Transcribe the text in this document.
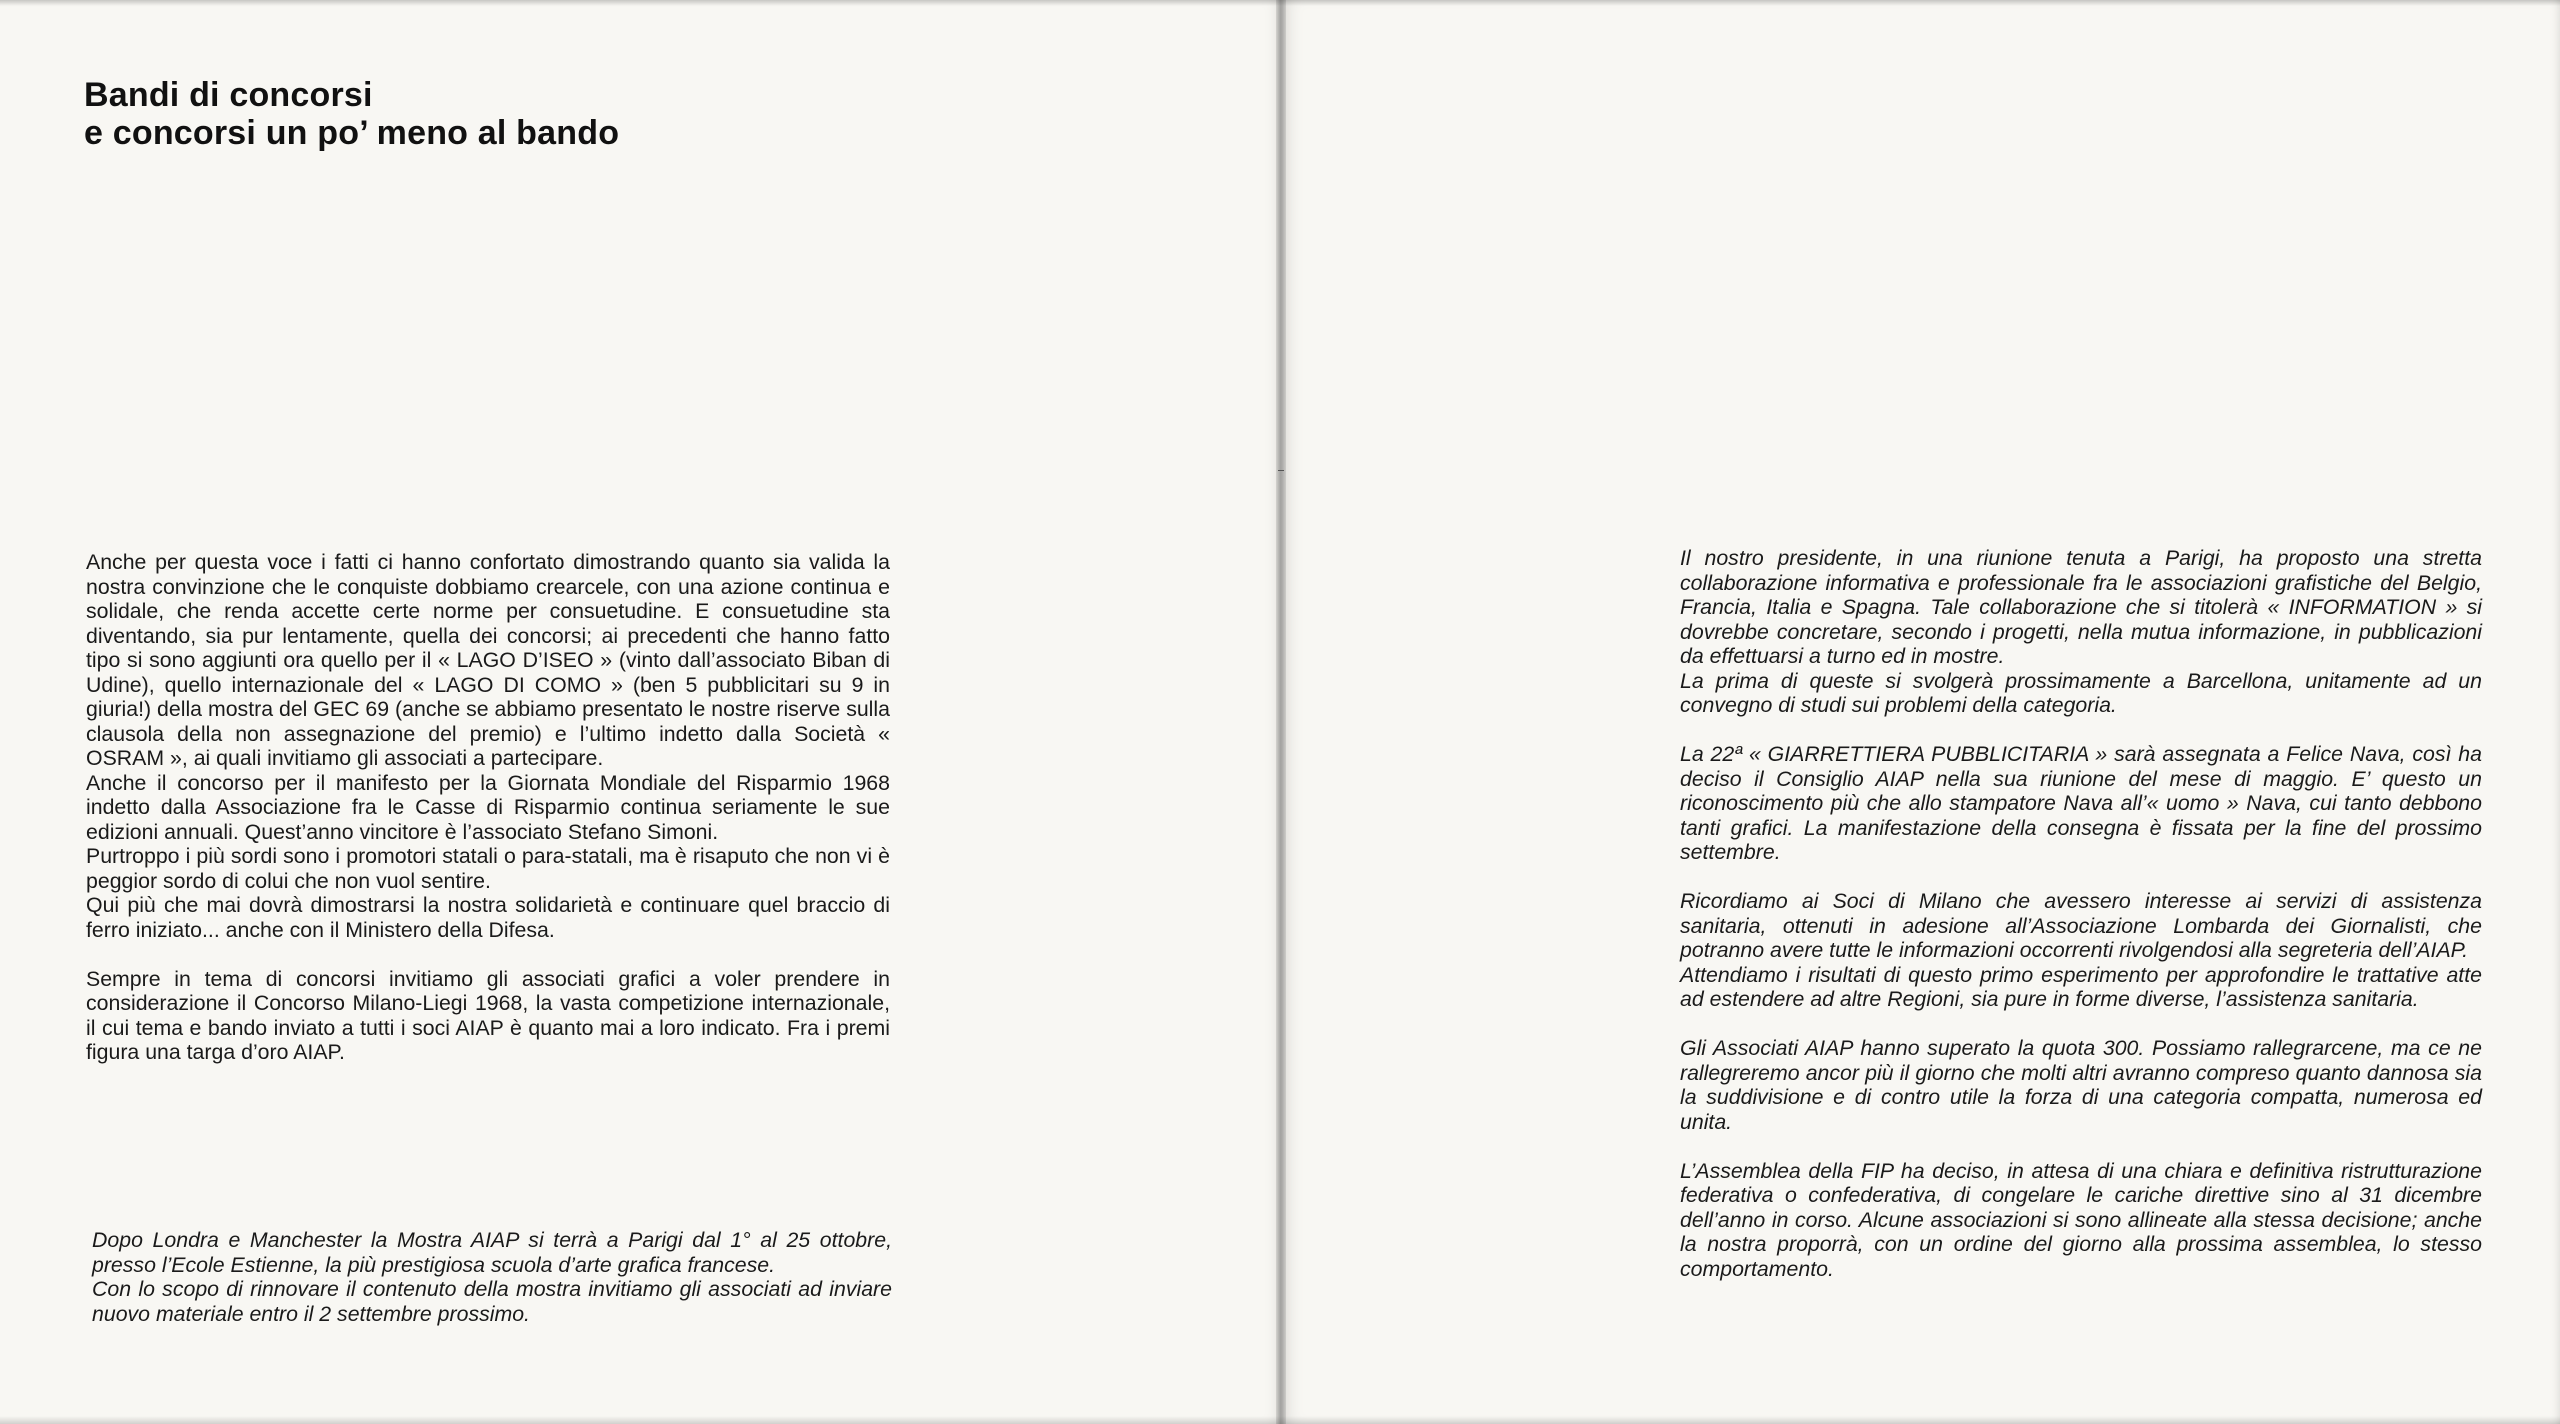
Bandi di concorsi
e concorsi un po’ meno al bando

Anche per questa voce i fatti ci hanno confortato dimostrando quanto sia valida la nostra convinzione che le conquiste dobbiamo crearcele, con una azione continua e solidale, che renda accette certe norme per consuetudine. E consuetudine sta diventando, sia pur lentamente, quella dei concorsi; ai precedenti che hanno fatto tipo si sono aggiunti ora quello per il « LAGO D’ISEO » (vinto dall’associato Biban di Udine), quello internazionale del « LAGO DI COMO » (ben 5 pubblicitari su 9 in giuria!) della mostra del GEC 69 (anche se abbiamo presentato le nostre riserve sulla clausola della non assegnazione del premio) e l’ultimo indetto dalla Società « OSRAM », ai quali invitiamo gli associati a partecipare.
Anche il concorso per il manifesto per la Giornata Mondiale del Risparmio 1968 indetto dalla Associazione fra le Casse di Risparmio continua seriamente le sue edizioni annuali. Quest’anno vincitore è l’associato Stefano Simoni.
Purtroppo i più sordi sono i promotori statali o para-statali, ma è risaputo che non vi è peggior sordo di colui che non vuol sentire.
Qui più che mai dovrà dimostrarsi la nostra solidarietà e continuare quel braccio di ferro iniziato... anche con il Ministero della Difesa.

Sempre in tema di concorsi invitiamo gli associati grafici a voler prendere in considerazione il Concorso Milano-Liegi 1968, la vasta competizione internazionale, il cui tema e bando inviato a tutti i soci AIAP è quanto mai a loro indicato. Fra i premi figura una targa d’oro AIAP.

Dopo Londra e Manchester la Mostra AIAP si terrà a Parigi dal 1° al 25 ottobre, presso l’Ecole Estienne, la più prestigiosa scuola d’arte grafica francese.
Con lo scopo di rinnovare il contenuto della mostra invitiamo gli associati ad inviare nuovo materiale entro il 2 settembre prossimo.

Il nostro presidente, in una riunione tenuta a Parigi, ha proposto una stretta collaborazione informativa e professionale fra le associazioni grafistiche del Belgio, Francia, Italia e Spagna. Tale collaborazione che si titolerà « INFORMATION » si dovrebbe concretare, secondo i progetti, nella mutua informazione, in pubblicazioni da effettuarsi a turno ed in mostre.
La prima di queste si svolgerà prossimamente a Barcellona, unitamente ad un convegno di studi sui problemi della categoria.

La 22ª « GIARRETTIERA PUBBLICITARIA » sarà assegnata a Felice Nava, così ha deciso il Consiglio AIAP nella sua riunione del mese di maggio. E’ questo un riconoscimento più che allo stampatore Nava all’« uomo » Nava, cui tanto debbono tanti grafici. La manifestazione della consegna è fissata per la fine del prossimo settembre.

Ricordiamo ai Soci di Milano che avessero interesse ai servizi di assistenza sanitaria, ottenuti in adesione all’Associazione Lombarda dei Giornalisti, che potranno avere tutte le informazioni occorrenti rivolgendosi alla segreteria dell’AIAP.
Attendiamo i risultati di questo primo esperimento per approfondire le trattative atte ad estendere ad altre Regioni, sia pure in forme diverse, l’assistenza sanitaria.

Gli Associati AIAP hanno superato la quota 300. Possiamo rallegrarcene, ma ce ne rallegreremo ancor più il giorno che molti altri avranno compreso quanto dannosa sia la suddivisione e di contro utile la forza di una categoria compatta, numerosa ed unita.

L’Assemblea della FIP ha deciso, in attesa di una chiara e definitiva ristrutturazione federativa o confederativa, di congelare le cariche direttive sino al 31 dicembre dell’anno in corso. Alcune associazioni si sono allineate alla stessa decisione; anche la nostra proporrà, con un ordine del giorno alla prossima assemblea, lo stesso comportamento.
